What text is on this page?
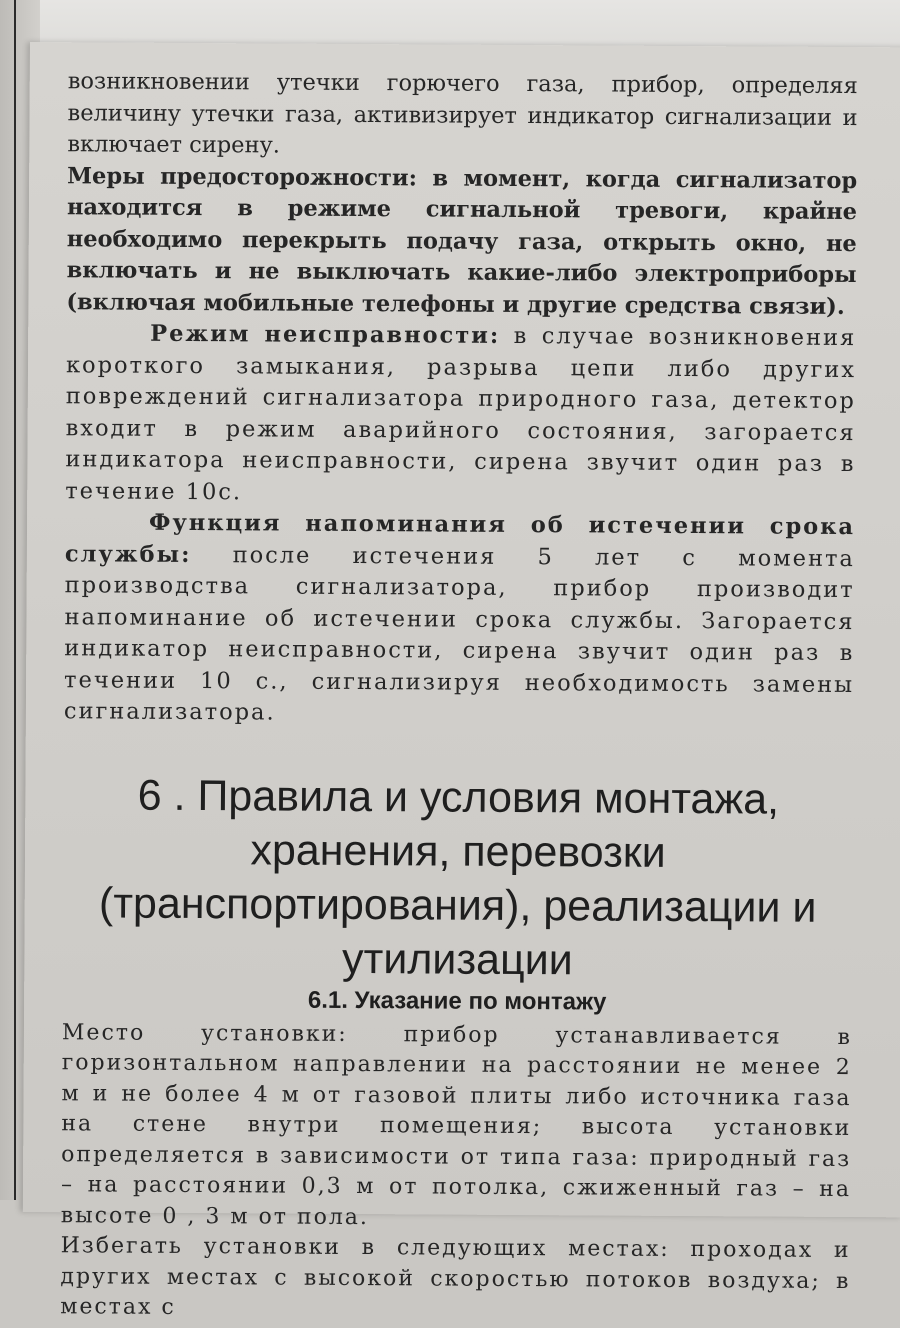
возникновении утечки горючего газа, прибор, определяя величину утечки газа, активизирует индикатор сигнализации и включает сирену.

Меры предосторожности: в момент, когда сигнализатор находится в режиме сигнальной тревоги, крайне необходимо перекрыть подачу газа, открыть окно, не включать и не выключать какие-либо электроприборы (включая мобильные телефоны и другие средства связи).

Режим неисправности: в случае возникновения короткого замыкания, разрыва цепи либо других повреждений сигнализатора природного газа, детектор входит в режим аварийного состояния, загорается индикатора неисправности, сирена звучит один раз в течение 10с.

Функция напоминания об истечении срока службы: после истечения 5 лет с момента производства сигнализатора, прибор производит напоминание об истечении срока службы. Загорается индикатор неисправности, сирена звучит один раз в течении 10 с., сигнализируя необходимость замены сигнализатора.

6 . Правила и условия монтажа, хранения, перевозки (транспортирования), реализации и утилизации
6.1. Указание по монтажу

Место установки: прибор устанавливается в горизонтальном направлении на расстоянии не менее 2 м и не более 4 м от газовой плиты либо источника газа на стене внутри помещения; высота установки определяется в зависимости от типа газа: природный газ – на расстоянии 0,3 м от потолка, сжиженный газ – на высоте 0 , 3 м от пола.

Избегать установки в следующих местах: проходах и других местах с высокой скоростью потоков воздуха; в местах с
